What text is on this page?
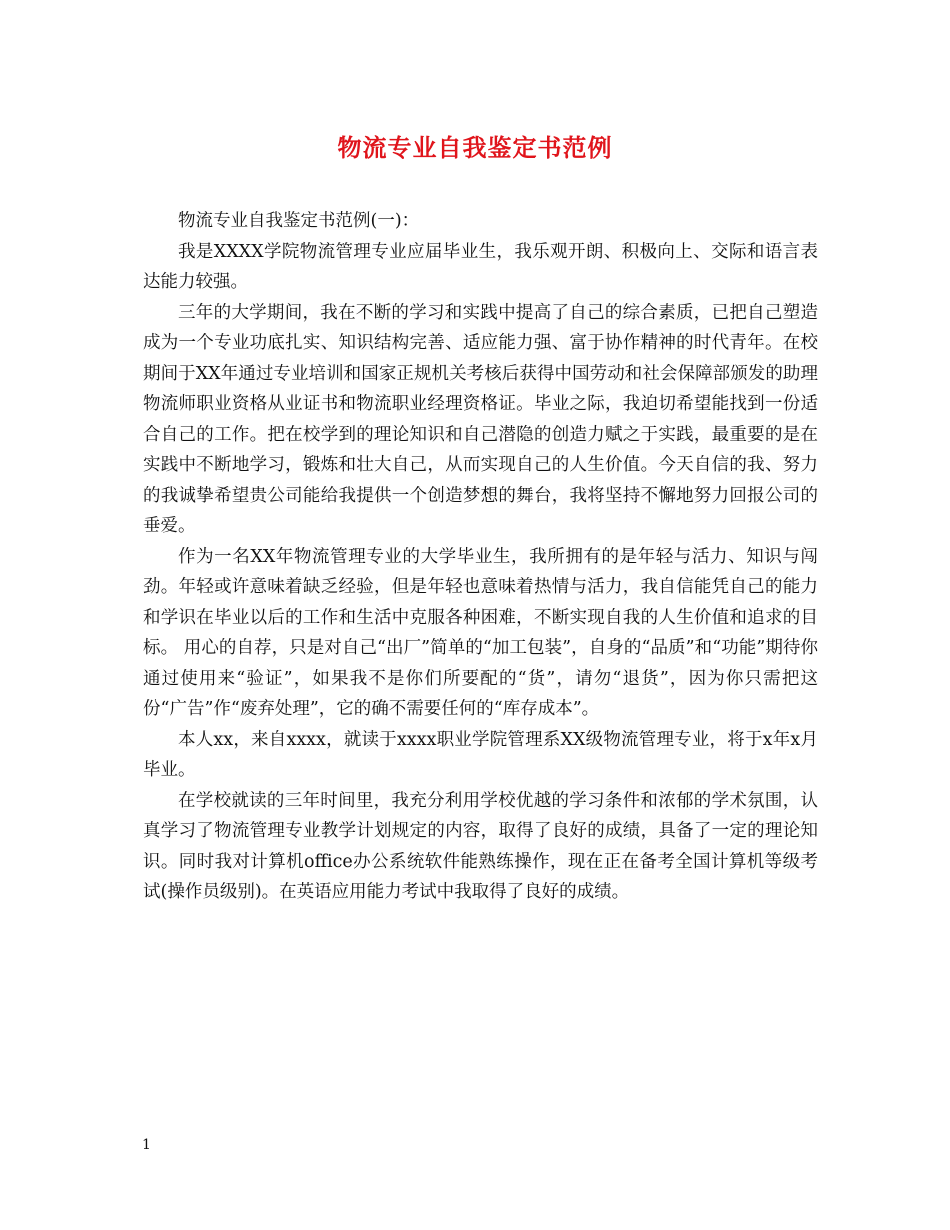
物流专业自我鉴定书范例

物流专业自我鉴定书范例(一)：

我是XXXX学院物流管理专业应届毕业生，我乐观开朗、积极向上、交际和语言表达能力较强。

三年的大学期间，我在不断的学习和实践中提高了自己的综合素质，已把自己塑造成为一个专业功底扎实、知识结构完善、适应能力强、富于协作精神的时代青年。在校期间于XX年通过专业培训和国家正规机关考核后获得中国劳动和社会保障部颁发的助理物流师职业资格从业证书和物流职业经理资格证。毕业之际，我迫切希望能找到一份适合自己的工作。把在校学到的理论知识和自己潜隐的创造力赋之于实践，最重要的是在实践中不断地学习，锻炼和壮大自己，从而实现自己的人生价值。今天自信的我、努力的我诚挚希望贵公司能给我提供一个创造梦想的舞台，我将坚持不懈地努力回报公司的垂爱。

作为一名XX年物流管理专业的大学毕业生，我所拥有的是年轻与活力、知识与闯劲。年轻或许意味着缺乏经验，但是年轻也意味着热情与活力，我自信能凭自己的能力和学识在毕业以后的工作和生活中克服各种困难，不断实现自我的人生价值和追求的目标。 用心的自荐，只是对自己“出厂”简单的“加工包装”，自身的“品质”和“功能”期待你通过使用来“验证”，如果我不是你们所要配的“货”，请勿“退货”，因为你只需把这份“广告”作“废弃处理”，它的确不需要任何的“库存成本”。

本人xx，来自xxxx，就读于xxxx职业学院管理系XX级物流管理专业，将于x年x月毕业。

在学校就读的三年时间里，我充分利用学校优越的学习条件和浓郁的学术氛围，认真学习了物流管理专业教学计划规定的内容，取得了良好的成绩，具备了一定的理论知识。同时我对计算机office办公系统软件能熟练操作，现在正在备考全国计算机等级考试(操作员级别)。在英语应用能力考试中我取得了良好的成绩。

1
